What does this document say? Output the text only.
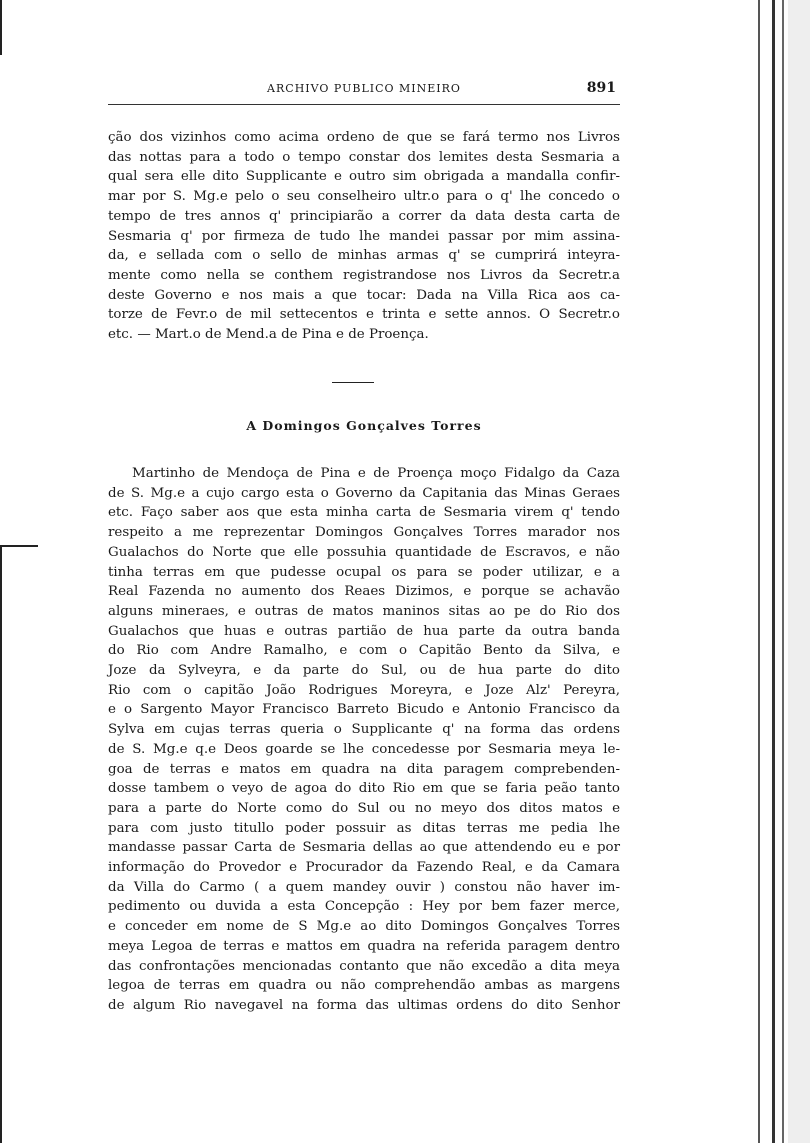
ARCHIVO PUBLICO MINEIRO	891
ção dos vizinhos como acima ordeno de que se fará termo nos Livros
das nottas para a todo o tempo constar dos lemites desta Sesmaria a
qual sera elle dito Supplicante e outro sim obrigada a mandalla confir-
mar por S. Mg.e pelo o seu conselheiro ultr.o para o q' lhe concedo o
tempo de tres annos q' principiarão a correr da data desta carta de
Sesmaria q' por firmeza de tudo lhe mandei passar por mim assina-
da, e sellada com o sello de minhas armas q' se cumprirá inteyra-
mente como nella se conthem registrandose nos Livros da Secretr.a
deste Governo e nos mais a que tocar: Dada na Villa Rica aos ca-
torze de Fevr.o de mil settecentos e trinta e sette annos. O Secretr.o
etc. — Mart.o de Mend.a de Pina e de Proença.
A Domingos Gonçalves Torres
Martinho de Mendoça de Pina e de Proença moço Fidalgo da Caza
de S. Mg.e a cujo cargo esta o Governo da Capitania das Minas Geraes
etc. Faço saber aos que esta minha carta de Sesmaria virem q' tendo
respeito a me reprezentar Domingos Gonçalves Torres marador nos
Gualachos do Norte que elle possuhia quantidade de Escravos, e não
tinha terras em que pudesse ocupal os para se poder utilizar, e a
Real Fazenda no aumento dos Reaes Dizimos, e porque se achavão
alguns mineraes, e outras de matos maninos sitas ao pe do Rio dos
Gualachos que huas e outras partião de hua parte da outra banda
do Rio com Andre Ramalho, e com o Capitão Bento da Silva, e
Joze da Sylveyra, e da parte do Sul, ou de hua parte do dito
Rio com o capitão João Rodrigues Moreyra, e Joze Alz' Pereyra,
e o Sargento Mayor Francisco Barreto Bicudo e Antonio Francisco da
Sylva em cujas terras queria o Supplicante q' na forma das ordens
de S. Mg.e q.e Deos goarde se lhe concedesse por Sesmaria meya le-
goa de terras e matos em quadra na dita paragem comprebenden-
dosse tambem o veyo de agoa do dito Rio em que se faria peão tanto
para a parte do Norte como do Sul ou no meyo dos ditos matos e
para com justo titullo poder possuir as ditas terras me pedia lhe
mandasse passar Carta de Sesmaria dellas ao que attendendo eu e por
informação do Provedor e Procurador da Fazendo Real, e da Camara
da Villa do Carmo ( a quem mandey ouvir ) constou não haver im-
pedimento ou duvida a esta Concepção : Hey por bem fazer merce,
e conceder em nome de S Mg.e ao dito Domingos Gonçalves Torres
meya Legoa de terras e mattos em quadra na referida paragem dentro
das confrontações mencionadas contanto que não excedão a dita meya
legoa de terras em quadra ou não comprehendão ambas as margens
de algum Rio navegavel na forma das ultimas ordens do dito Senhor
